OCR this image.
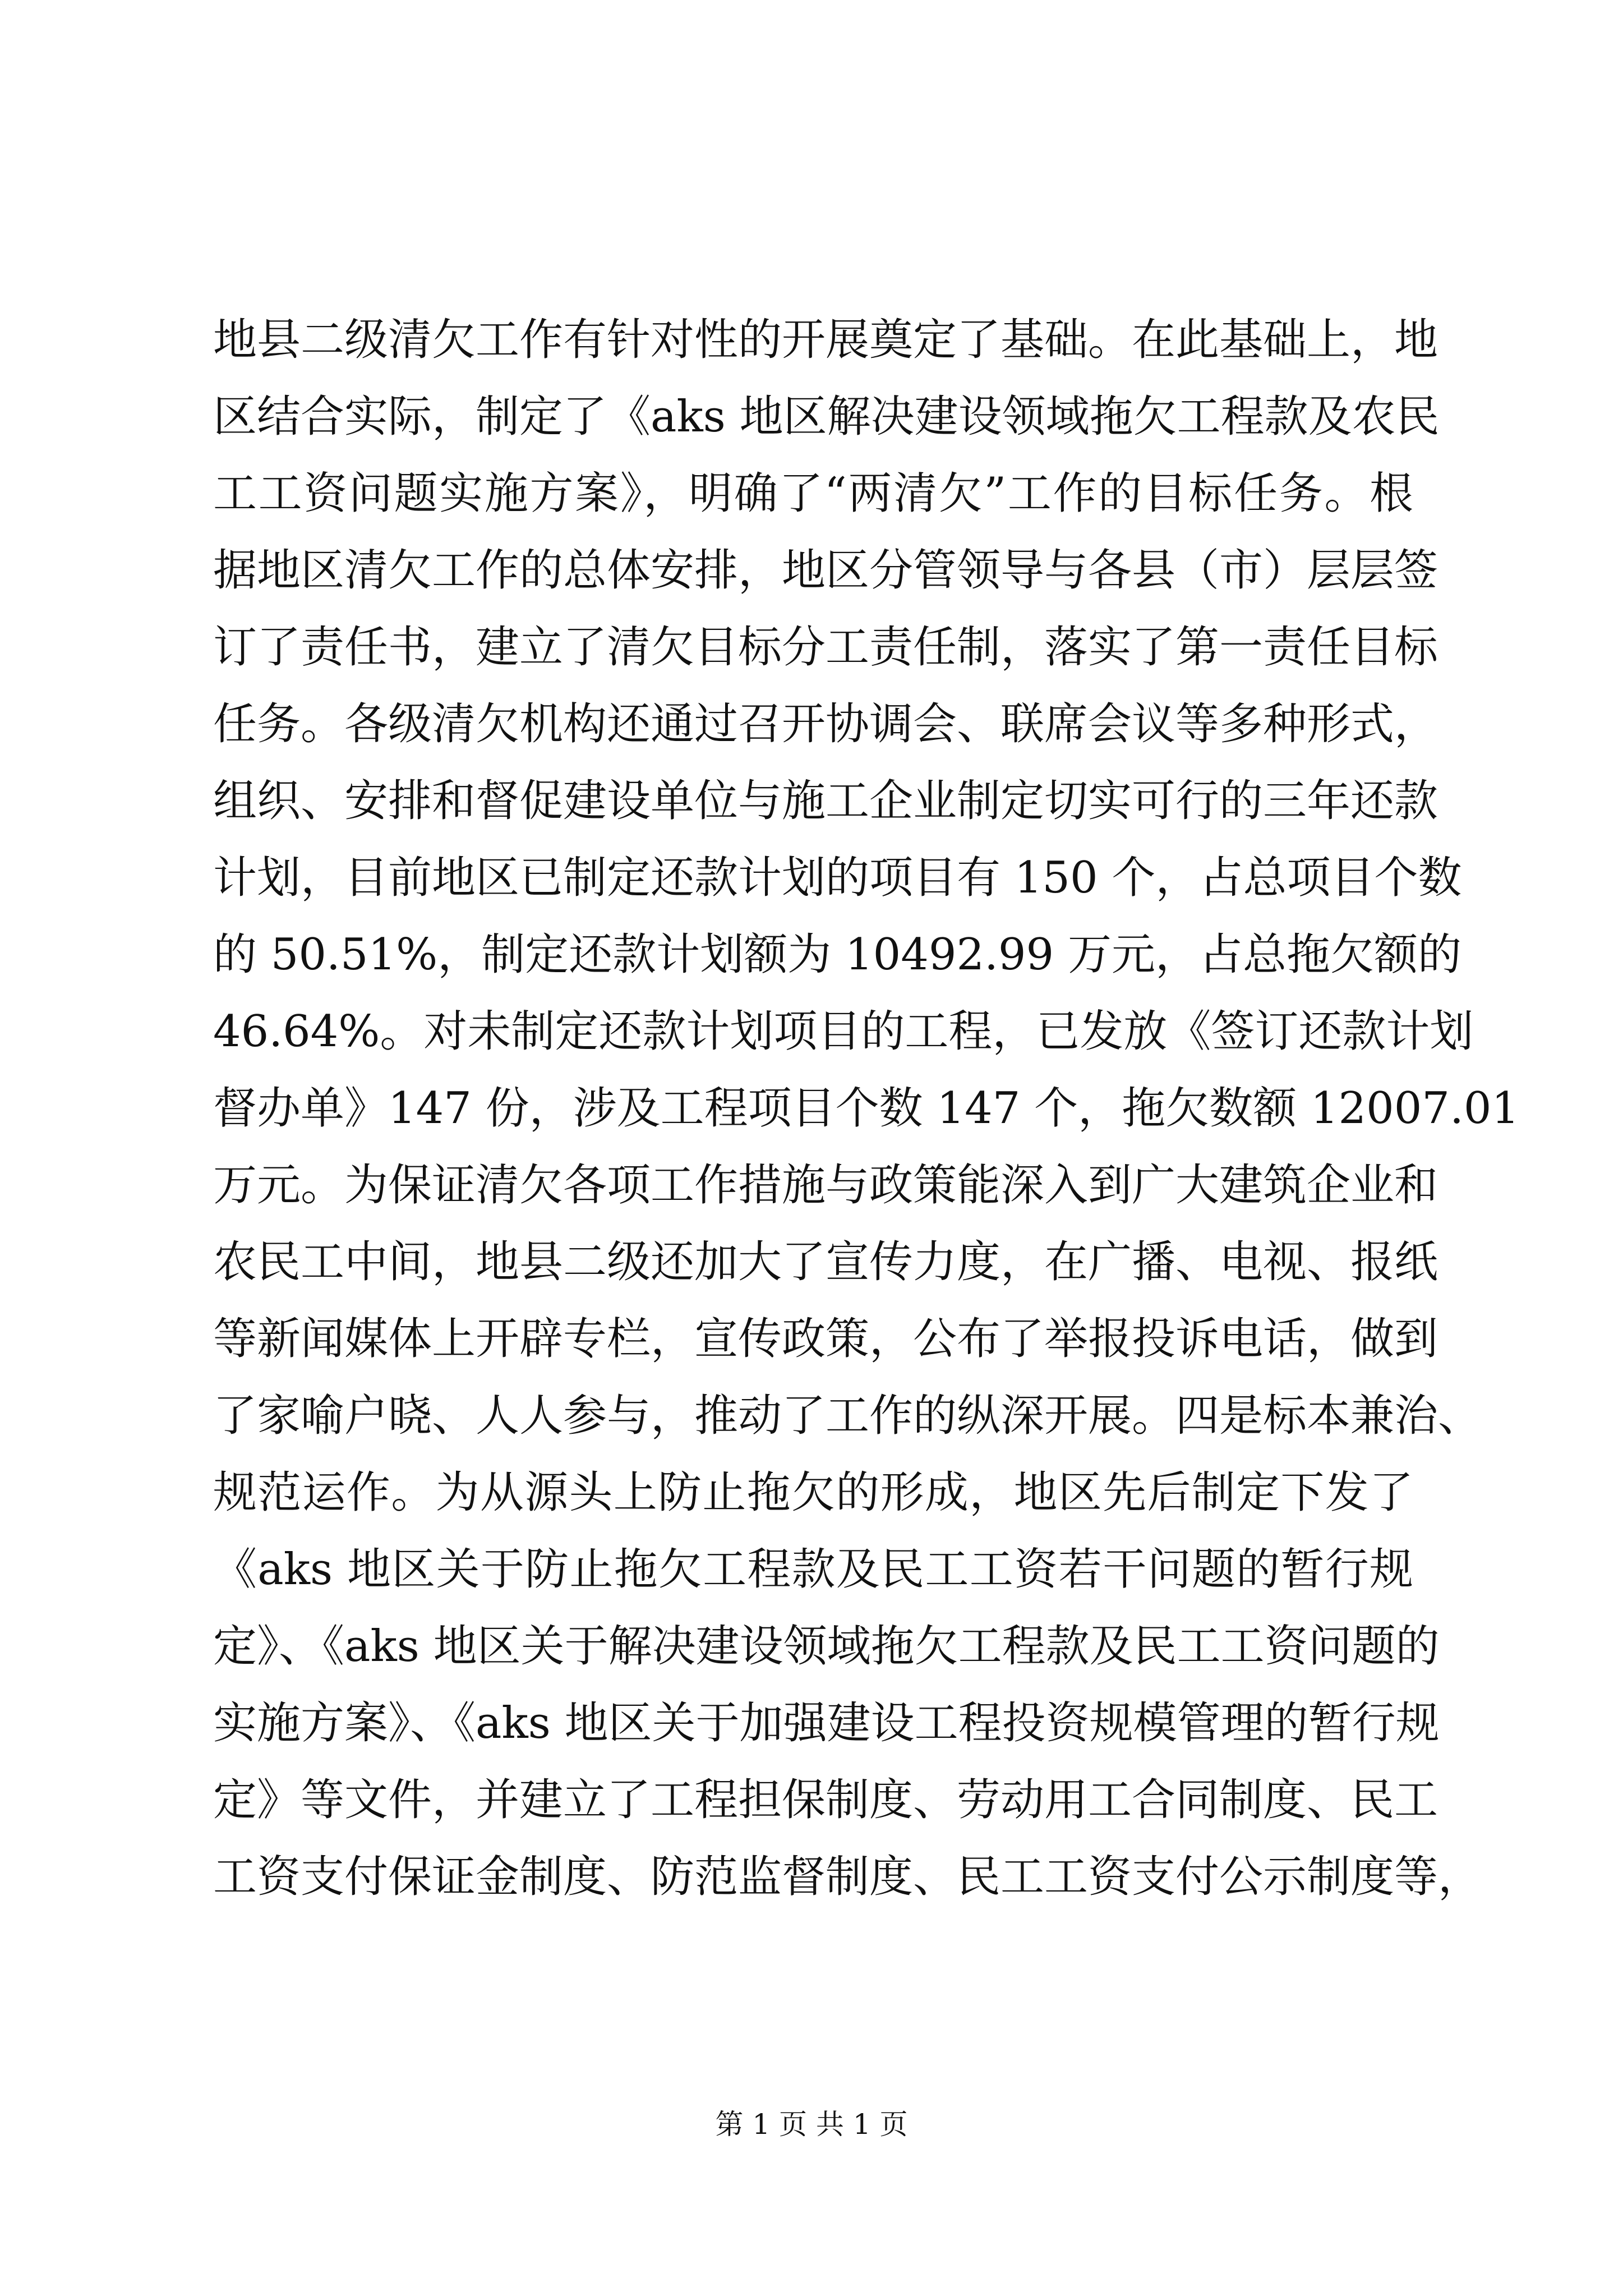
地县二级清欠工作有针对性的开展奠定了基础。在此基础上，地
区结合实际，制定了《aks 地区解决建设领域拖欠工程款及农民
工工资问题实施方案》，明确了“两清欠”工作的目标任务。根
据地区清欠工作的总体安排，地区分管领导与各县（市）层层签
订了责任书，建立了清欠目标分工责任制，落实了第一责任目标
任务。各级清欠机构还通过召开协调会、联席会议等多种形式，
组织、安排和督促建设单位与施工企业制定切实可行的三年还款
计划，目前地区已制定还款计划的项目有 150 个，占总项目个数
的 50.51%，制定还款计划额为 10492.99 万元，占总拖欠额的
46.64%。对未制定还款计划项目的工程，已发放《签订还款计划
督办单》147 份，涉及工程项目个数 147 个，拖欠数额 12007.01
万元。为保证清欠各项工作措施与政策能深入到广大建筑企业和
农民工中间，地县二级还加大了宣传力度，在广播、电视、报纸
等新闻媒体上开辟专栏，宣传政策，公布了举报投诉电话，做到
了家喻户晓、人人参与，推动了工作的纵深开展。四是标本兼治、
规范运作。为从源头上防止拖欠的形成，地区先后制定下发了
《aks 地区关于防止拖欠工程款及民工工资若干问题的暂行规
定》、《aks 地区关于解决建设领域拖欠工程款及民工工资问题的
实施方案》、《aks 地区关于加强建设工程投资规模管理的暂行规
定》等文件，并建立了工程担保制度、劳动用工合同制度、民工
工资支付保证金制度、防范监督制度、民工工资支付公示制度等，
第 1 页 共 1 页
